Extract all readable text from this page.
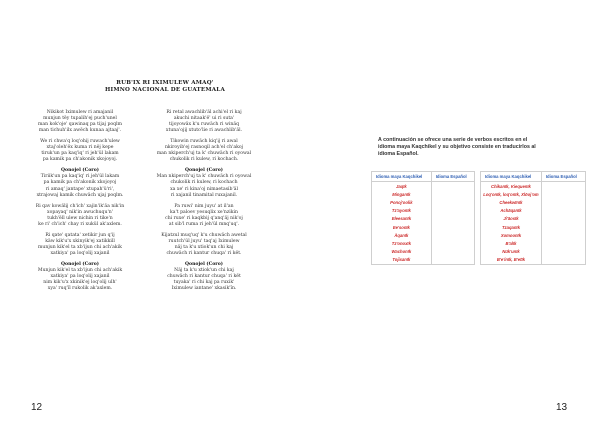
RUB'IX RI IXIMULEW AMAQ'
HIMNO NACIONAL DE GUATEMALA
Nikikot Iximulew ri amajanil
munjun tëy tupalih'ej puch'unel
man kok'oje' qawinaq pa tijaj poqlm
man tichuh'ilx awëch kunaa ajtaaj'.
We ri chwa'q loq'ohij ruwach'ulew
xtaj'oleh'ëx kuma ri nëj kepe
tiruk'un pa kaq'iq' ri jeh'ül lakam
pa kamik pa ch'akonik xkojoyoj.
Qonojel (Coro)
Tiriik'un pa kaq'iq' ri jeh'ül lakam
pa kamik pa ch'akonik xkojoyoj
ri amaq' jantape' xtupah'ü'ri',
xtrajowaj kamik chuwäch ujaj poqlm.
Ri qav kowälij ch'ich' xajin'ik'äa nik'in
xopayaq' nik'in awuchuqu'n'
tukh'ëll ulew nichin ri tike'n
ke ri' ch'ich' chay ri xukül ak'axlem.
Ri qate' qatata' xetikir jun q'ij
käw kik'u'x xkinyik'ej xatikkill
munjun kik'el ta xb'ijun chi ach'akik
xatkiya' pa loq'olij xajanil
Qonojel (Coro)
Munjun kik'el ta xb'ijun chi ach'akik
xatkiya' pa loq'olij xajanil
nim kik'u'x xkinik'ej loq'olij ulh'
xya' ruq'ïl rukolik ak'axlem.
Ri retal awachlib'äl achi'el ri kaj
akuchi nitaak'ë' ui ri suta'
tijoyowäx k'u ruwäch ri winäq
xtuna'ojij xtuto'lie ri awachlib'äl.
Tikowin ruwäch kiq'ij ri awal
nkiroyib'ej rasnoqil ach'el ch'akoj
man nkiperch'uj ta k' chuwäch ri oyowal
chukolik ri kulew, ri kochach.
Qonojel (Coro)
Man nkiperch'uj ta k' chuwäch ri oyowal
chukolik ri kulew, ri kochach
xa xe' ri kina'oj nimaetasib'äl
ri xajanil tinamital ruxajanil.
Pa ruwi' nim juyu' at il'an
ka't paloev yesuqlix xe'nzikin
chi ruxe' ri kaqkbij q'anq'äj nik'oj
at sib'l ruma ri jeh'ül mnq'uq'.
Kijatzul muq'uq' k'u chuwäch awetal
ruutch'ül juyu' taq'aj Iximulew
näj ta k'u xtiok'un chi kaj
chuwäch ri kantur chuqa' ri kët.
Qonojel (Coro)
Näj ta k'u xtiok'un chi kaj
chuwäch ri kantur chuqa' ri kët
tuyaka' ri chi kaj pa ruxik'
Iximulew iantane' xkasik'în.
12	13
A continuación se ofrece una serie de verbos escritos en el
idioma maya Kaqchikel y su objetivo consiste en traducirlos al
idioma Español.
Idioma maya Kaqchikel	Idioma Español
Jaqïk	
Minganïk	
Ponoj'oolik	
Tz'ayonïk	
Eleesanïk	
Ee'sonïk	
Äqanïk	
Tz'onoxïk	
Wachonïk	
Tojixanïk	
Idioma maya Kaqchikel	Idioma Español
Chikanïk, Kiequenïk	
Loq'onïk, loq'onïk, Xlöoj'om	
Cheekwïnïk	
Achäqanïk	
Ji'äosïk	
Tzaqanïk	
Xomoonïk	
B'alïk	
Nük'unïk	
B'e'inïk, B'etïk	
